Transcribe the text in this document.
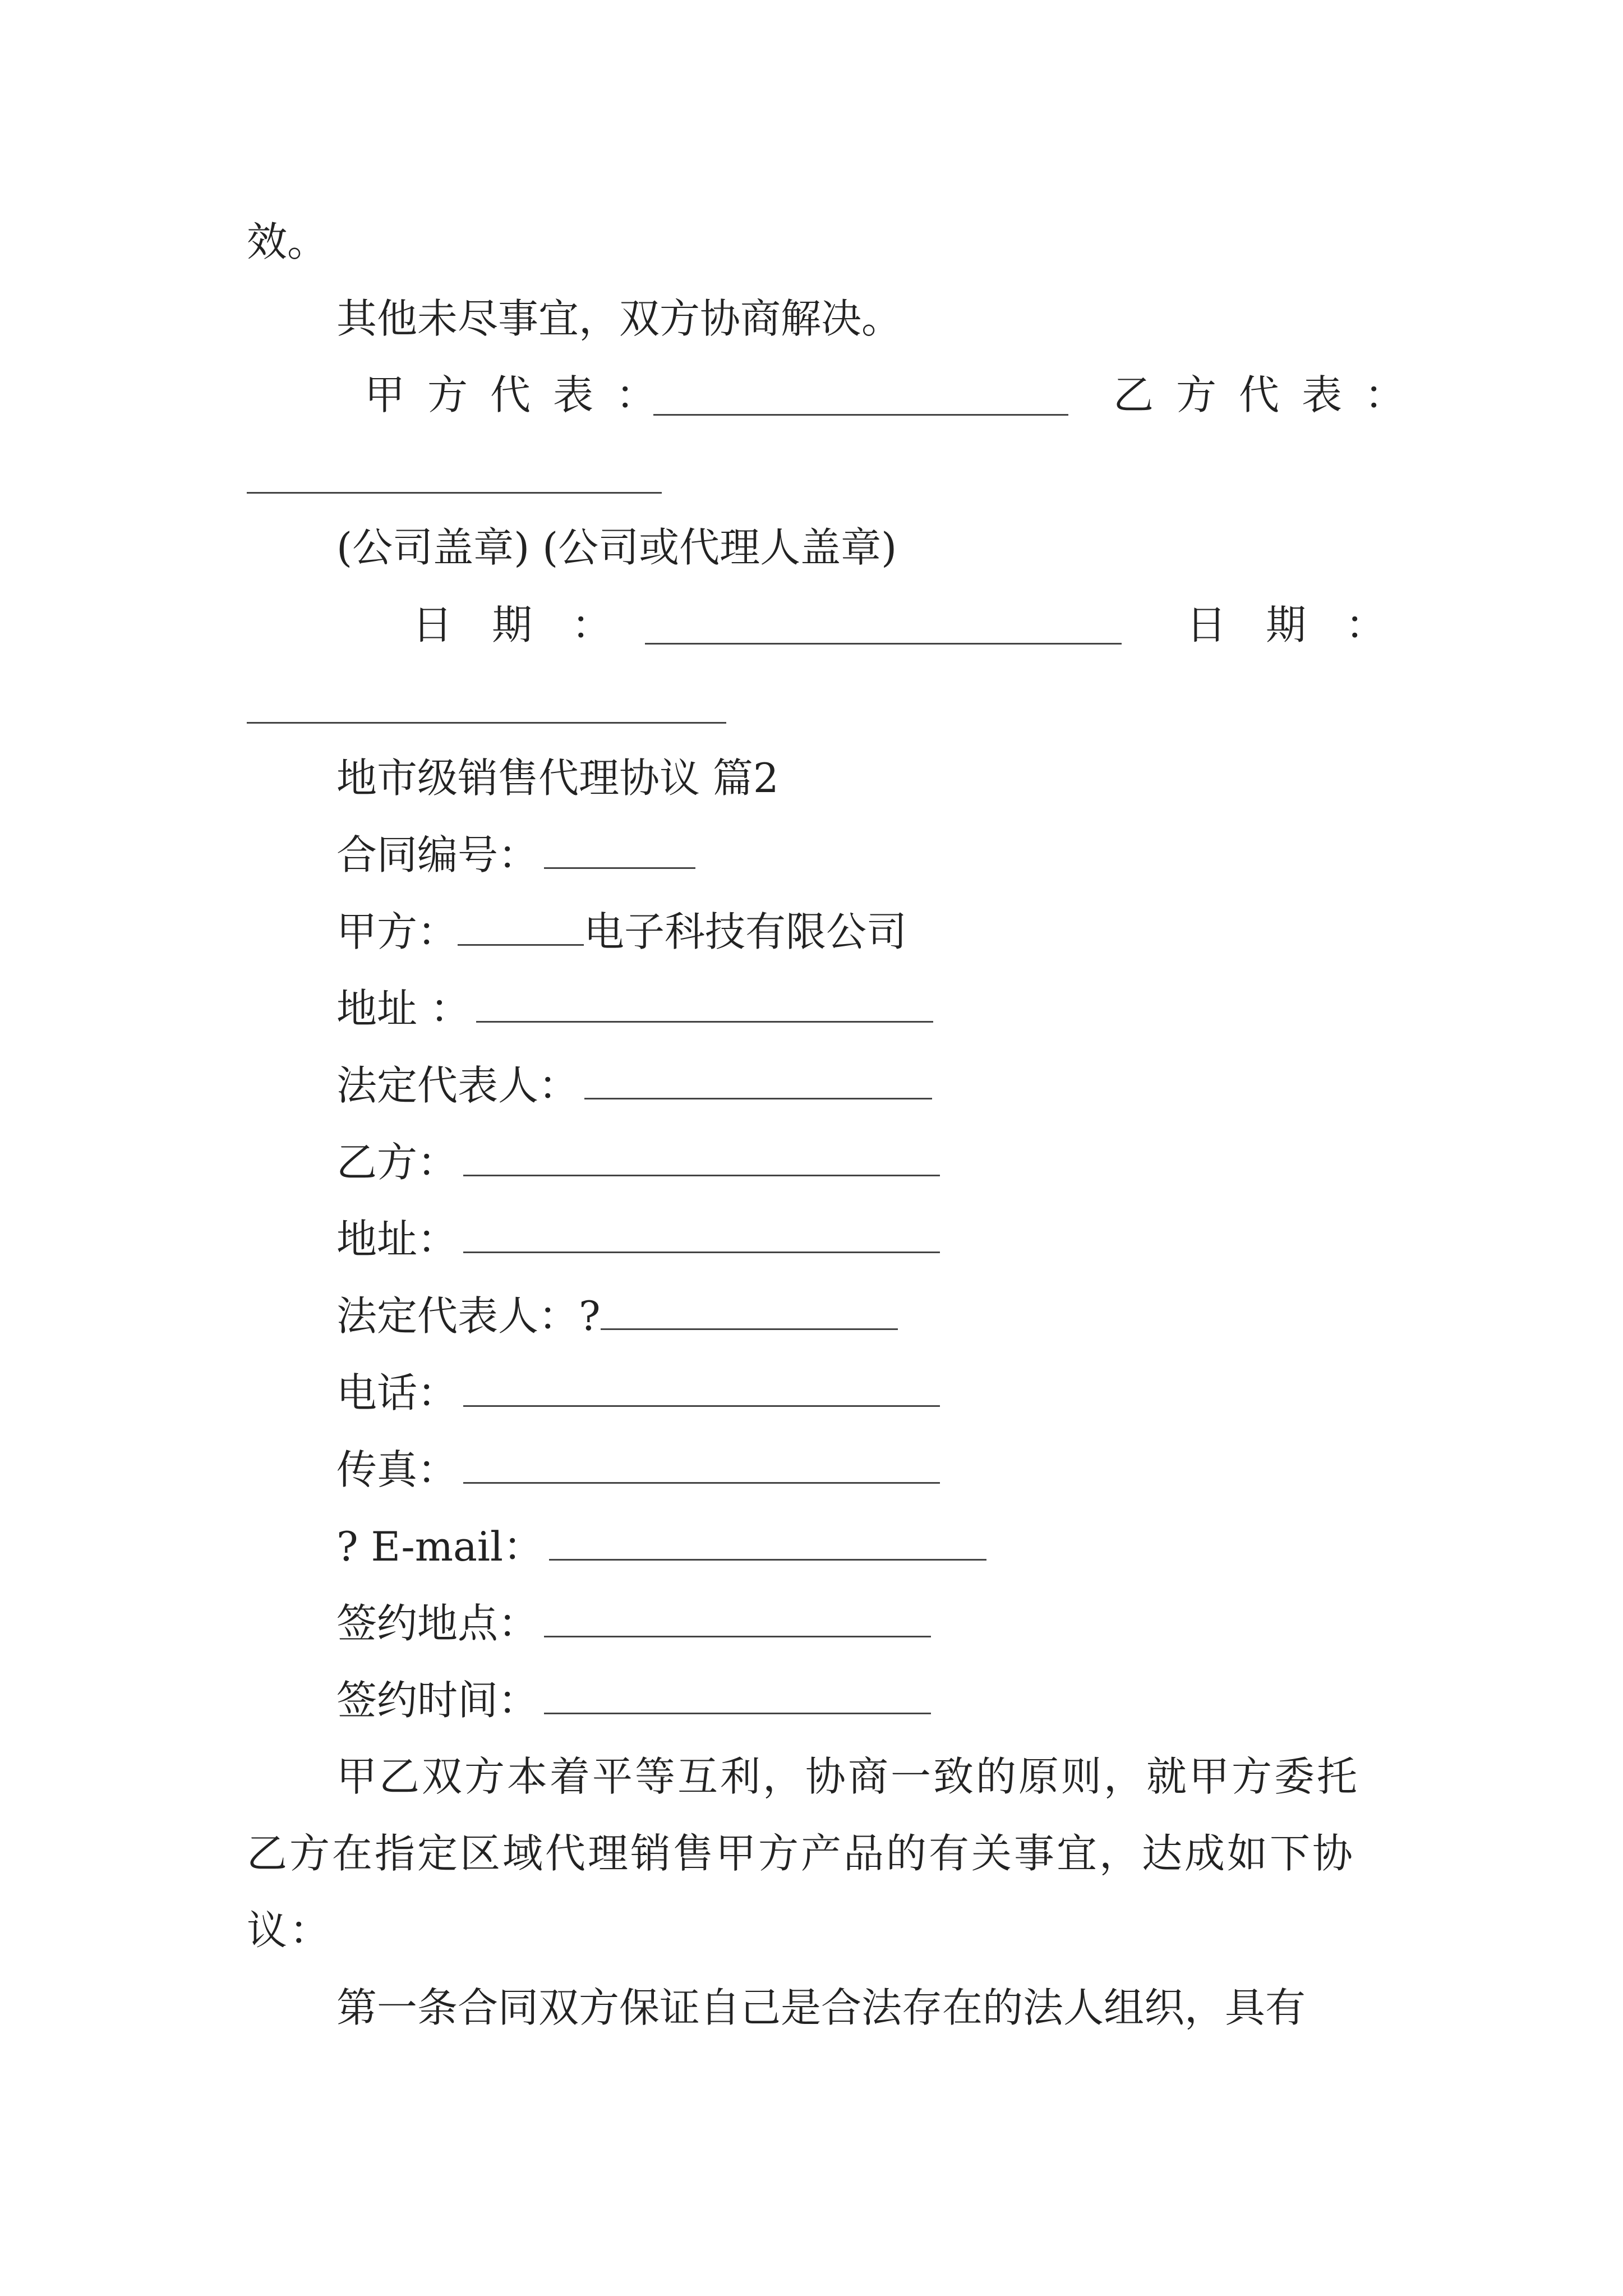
效。
其他未尽事宜，双方协商解决。
甲方代表：	乙方代表：
(公司盖章) (公司或代理人盖章)
日期：	日期：
地市级销售代理协议 篇2
合同编号：
甲方：	电子科技有限公司
地址 ：
法定代表人：
乙方：
地址：
法定代表人：?
电话：
传真：
? E-mail：
签约地点：
签约时间：
甲乙双方本着平等互利，协商一致的原则，就甲方委托乙方在指定区域代理销售甲方产品的有关事宜，达成如下协议：
第一条合同双方保证自己是合法存在的法人组织，具有
